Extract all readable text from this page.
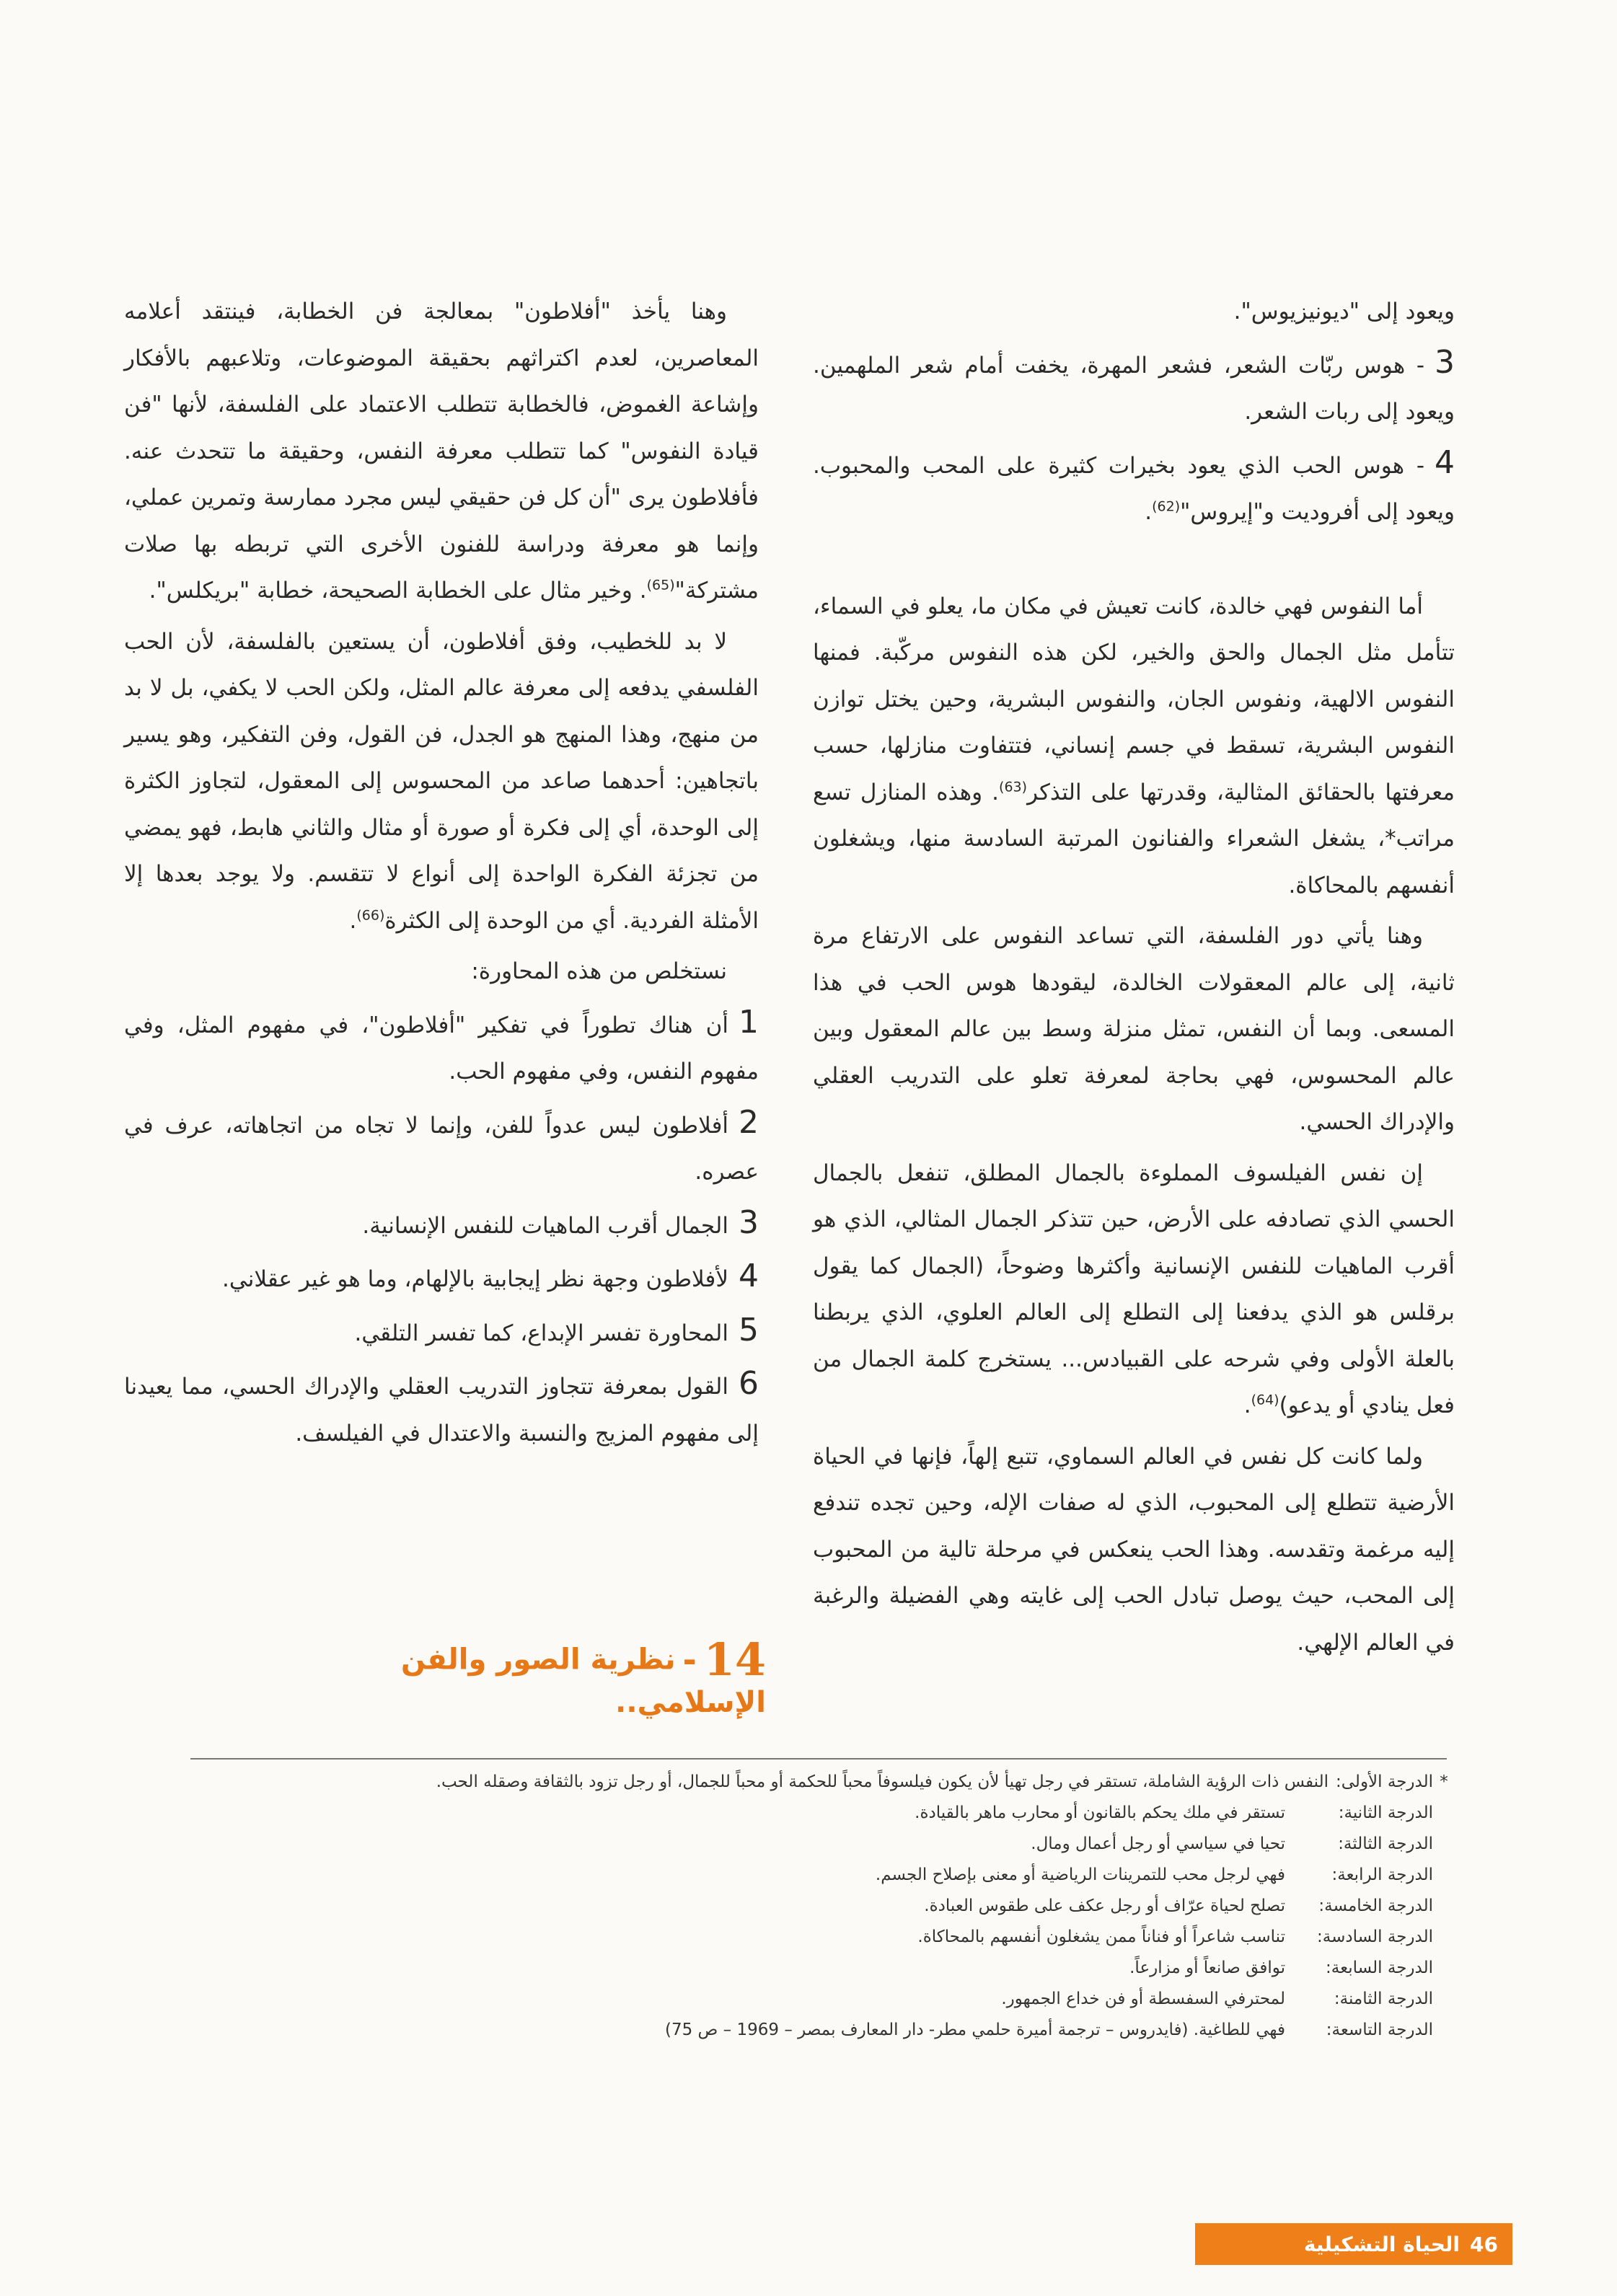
ويعود إلى "ديونيزيوس".

3- هوس ربّات الشعر، فشعر المهرة، يخفت أمام شعر الملهمين. ويعود إلى ربات الشعر.

4- هوس الحب الذي يعود بخيرات كثيرة على المحب والمحبوب. ويعود إلى أفروديت و"إيروس"$^{(62)}$.

أما النفوس فهي خالدة، كانت تعيش في مكان ما، يعلو في السماء، تتأمل مثل الجمال والحق والخير، لكن هذه النفوس مركّبة. فمنها النفوس الالهية، ونفوس الجان، والنفوس البشرية، وحين يختل توازن النفوس البشرية، تسقط في جسم إنساني، فتتفاوت منازلها، حسب معرفتها بالحقائق المثالية، وقدرتها على التذكر$^{(63)}$. وهذه المنازل تسع مراتب*، يشغل الشعراء والفنانون المرتبة السادسة منها، ويشغلون أنفسهم بالمحاكاة.

وهنا يأتي دور الفلسفة، التي تساعد النفوس على الارتفاع مرة ثانية، إلى عالم المعقولات الخالدة، ليقودها هوس الحب في هذا المسعى. وبما أن النفس، تمثل منزلة وسط بين عالم المعقول وبين عالم المحسوس، فهي بحاجة لمعرفة تعلو على التدريب العقلي والإدراك الحسي.

إن نفس الفيلسوف المملوءة بالجمال المطلق، تنفعل بالجمال الحسي الذي تصادفه على الأرض، حين تتذكر الجمال المثالي، الذي هو أقرب الماهيات للنفس الإنسانية وأكثرها وضوحاً، (الجمال كما يقول برقلس هو الذي يدفعنا إلى التطلع إلى العالم العلوي، الذي يربطنا بالعلة الأولى وفي شرحه على القبيادس... يستخرج كلمة الجمال من فعل ينادي أو يدعو)$^{(64)}$.

ولما كانت كل نفس في العالم السماوي، تتبع إلهاً، فإنها في الحياة الأرضية تتطلع إلى المحبوب، الذي له صفات الإله، وحين تجده تندفع إليه مرغمة وتقدسه. وهذا الحب ينعكس في مرحلة تالية من المحبوب إلى المحب، حيث يوصل تبادل الحب إلى غايته وهي الفضيلة والرغبة في العالم الإلهي.

وهنا يأخذ "أفلاطون" بمعالجة فن الخطابة، فينتقد أعلامه المعاصرين، لعدم اكتراثهم بحقيقة الموضوعات، وتلاعبهم بالأفكار وإشاعة الغموض، فالخطابة تتطلب الاعتماد على الفلسفة، لأنها "فن قيادة النفوس" كما تتطلب معرفة النفس، وحقيقة ما تتحدث عنه. فأفلاطون يرى "أن كل فن حقيقي ليس مجرد ممارسة وتمرين عملي، وإنما هو معرفة ودراسة للفنون الأخرى التي تربطه بها صلات مشتركة"$^{(65)}$. وخير مثال على الخطابة الصحيحة، خطابة "بريكلس".

لا بد للخطيب، وفق أفلاطون، أن يستعين بالفلسفة، لأن الحب الفلسفي يدفعه إلى معرفة عالم المثل، ولكن الحب لا يكفي، بل لا بد من منهج، وهذا المنهج هو الجدل، فن القول، وفن التفكير، وهو يسير باتجاهين: أحدهما صاعد من المحسوس إلى المعقول، لتجاوز الكثرة إلى الوحدة، أي إلى فكرة أو صورة أو مثال والثاني هابط، فهو يمضي من تجزئة الفكرة الواحدة إلى أنواع لا تتقسم. ولا يوجد بعدها إلا الأمثلة الفردية. أي من الوحدة إلى الكثرة$^{(66)}$.

نستخلص من هذه المحاورة:

1أن هناك تطوراً في تفكير "أفلاطون"، في مفهوم المثل، وفي مفهوم النفس، وفي مفهوم الحب.

2أفلاطون ليس عدواً للفن، وإنما لا تجاه من اتجاهاته، عرف في عصره.

3الجمال أقرب الماهيات للنفس الإنسانية.

4لأفلاطون وجهة نظر إيجابية بالإلهام، وما هو غير عقلاني.

5المحاورة تفسر الإبداع، كما تفسر التلقي.

6القول بمعرفة تتجاوز التدريب العقلي والإدراك الحسي، مما يعيدنا إلى مفهوم المزيج والنسبة والاعتدال في الفيلسف.

14-نظرية الصور والفن الإسلامي..
*
الدرجة الأولى:
النفس ذات الرؤية الشاملة، تستقر في رجل تهيأ لأن يكون فيلسوفاً محباً للحكمة أو محباً للجمال، أو رجل تزود بالثقافة وصقله الحب.
الدرجة الثانية:
تستقر في ملك يحكم بالقانون أو محارب ماهر بالقيادة.
الدرجة الثالثة:
تحيا في سياسي أو رجل أعمال ومال.
الدرجة الرابعة:
فهي لرجل محب للتمرينات الرياضية أو معنى بإصلاح الجسم.
الدرجة الخامسة:
تصلح لحياة عرّاف أو رجل عكف على طقوس العبادة.
الدرجة السادسة:
تناسب شاعراً أو فناناً ممن يشغلون أنفسهم بالمحاكاة.
الدرجة السابعة:
توافق صانعاً أو مزارعاً.
الدرجة الثامنة:
لمحترفي السفسطة أو فن خداع الجمهور.
الدرجة التاسعة:
فهي للطاغية. (فايدروس – ترجمة أميرة حلمي مطر- دار المعارف بمصر – 1969 – ص 75)
46
الحياة التشكيلية
